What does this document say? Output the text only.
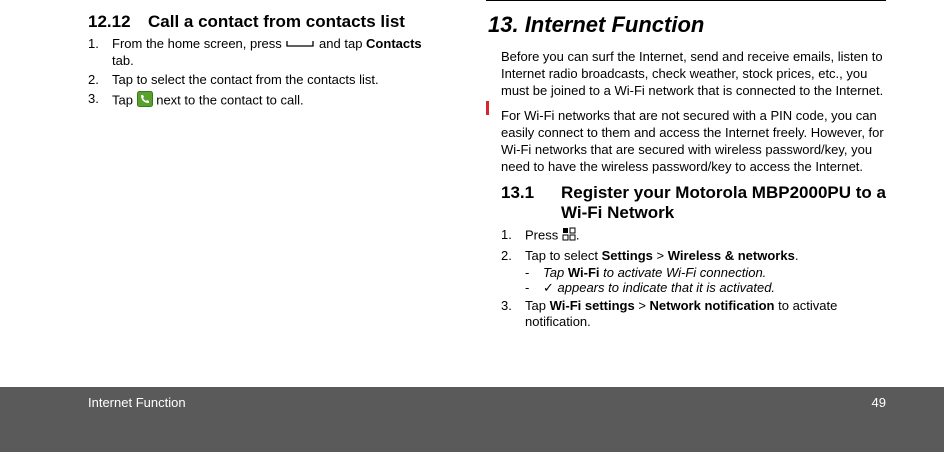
12.12	Call a contact from contacts list
1.	From the home screen, press	and tap Contacts
tab.
2.	Tap to select the contact from the contacts list.
3.	Tap next to the contact to call.
13. Internet Function

Before you can surf the Internet, send and receive emails, listen to Internet radio broadcasts, check weather, stock prices, etc., you must be joined to a Wi-Fi network that is connected to the Internet.

For Wi-Fi networks that are not secured with a PIN code, you can easily connect to them and access the Internet freely. However, for Wi-Fi networks that are secured with wireless password/key, you need to have the wireless password/key to access the Internet.

13.1	Register your Motorola MBP2000PU to a Wi-Fi Network
1.	Press .
2.	Tap to select Settings > Wireless & networks.
-	Tap Wi-Fi to activate Wi-Fi connection.
-	✓ appears to indicate that it is activated.
3.	Tap Wi-Fi settings > Network notification to activate notification.
Internet Function	49
